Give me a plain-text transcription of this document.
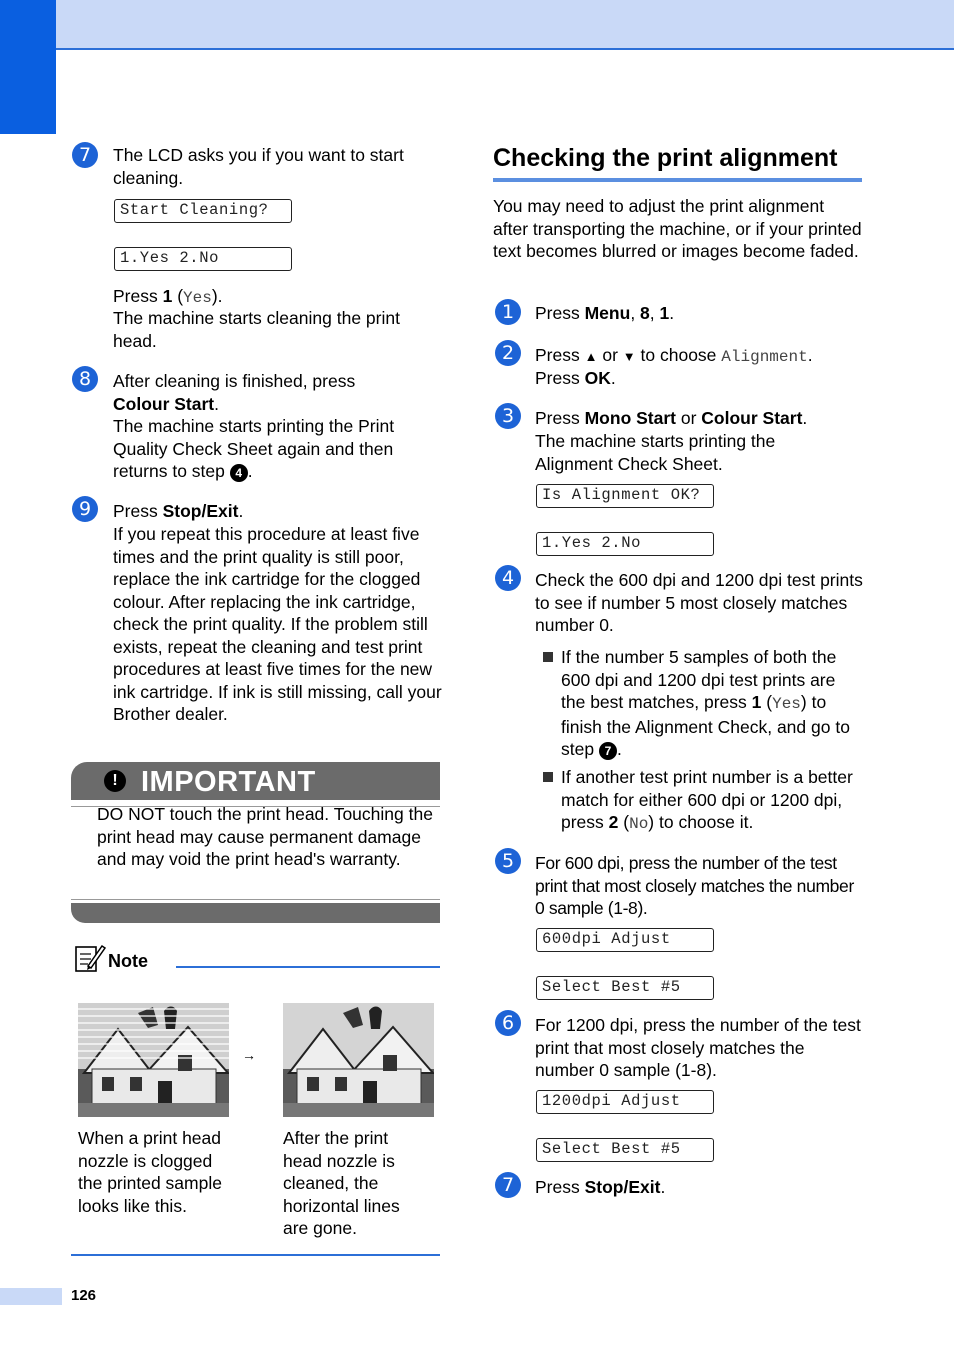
7	The LCD asks you if you want to start cleaning.
Start Cleaning?
1.Yes 2.No
Press 1 (Yes).
The machine starts cleaning the print head.
8	After cleaning is finished, press
Colour Start.
The machine starts printing the Print Quality Check Sheet again and then returns to step 4 .
9	Press Stop/Exit.
If you repeat this procedure at least five times and the print quality is still poor, replace the ink cartridge for the clogged colour. After replacing the ink cartridge, check the print quality. If the problem still exists, repeat the cleaning and test print procedures at least five times for the new ink cartridge. If ink is still missing, call your Brother dealer.
! IMPORTANT
DO NOT touch the print head. Touching the print head may cause permanent damage and may void the print head's warranty.
Note
→
When a print head nozzle is clogged the printed sample looks like this.
After the print head nozzle is cleaned, the horizontal lines are gone.
Checking the print alignment
You may need to adjust the print alignment after transporting the machine, or if your printed text becomes blurred or images become faded.
1	Press Menu, 8, 1.
2	Press ▲ or ▼ to choose Alignment.
Press OK.
3	Press Mono Start or Colour Start.
The machine starts printing the Alignment Check Sheet.
Is Alignment OK?
1.Yes 2.No
4	Check the 600 dpi and 1200 dpi test prints to see if number 5 most closely matches number 0.
If the number 5 samples of both the 600 dpi and 1200 dpi test prints are the best matches, press 1 (Yes) to finish the Alignment Check, and go to step 7 .
If another test print number is a better match for either 600 dpi or 1200 dpi, press 2 (No) to choose it.
5	For 600 dpi, press the number of the test print that most closely matches the number 0 sample (1-8).
600dpi Adjust
Select Best #5
6	For 1200 dpi, press the number of the test print that most closely matches the number 0 sample (1-8).
1200dpi Adjust
Select Best #5
7	Press Stop/Exit.
126
